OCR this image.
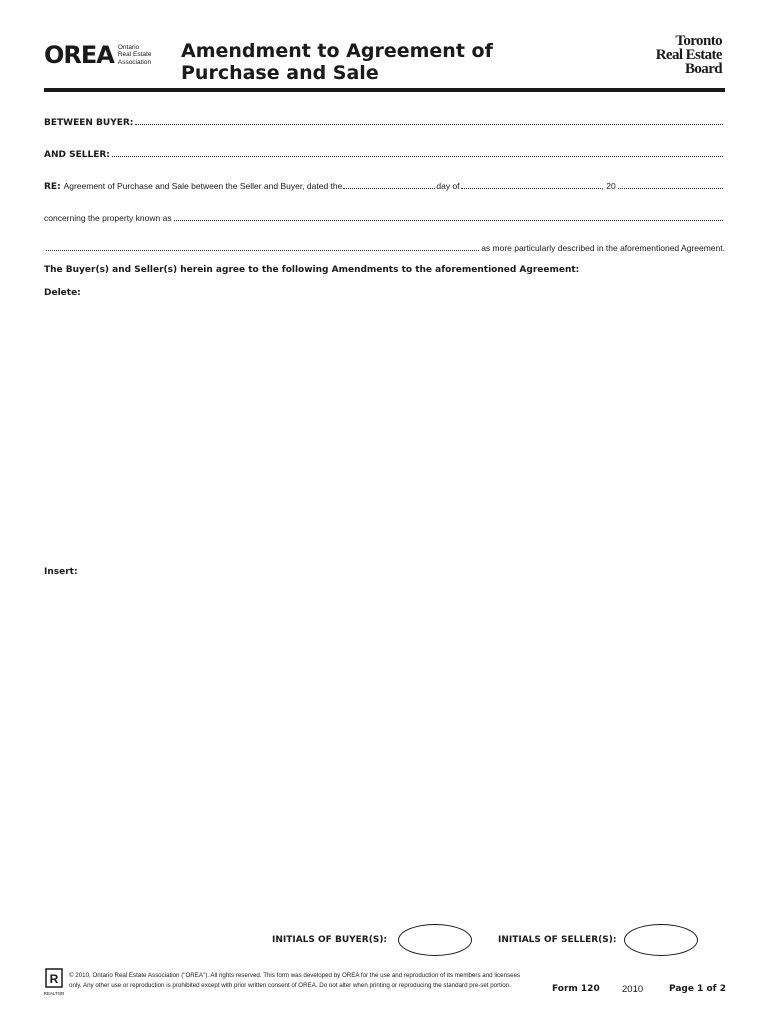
OREA Ontario
Real Estate
Association
Amendment to Agreement of
Purchase and Sale
Toronto
Real Estate
Board
BETWEEN BUYER:
AND SELLER:
RE:
Agreement of Purchase and Sale between the Seller and Buyer, dated the	day of	, 20
concerning the property known as
as more particularly described in the aforementioned Agreement.
The Buyer(s) and Seller(s) herein agree to the following Amendments to the aforementioned Agreement:
Delete:
Insert:
INITIALS OF BUYER(S):	INITIALS OF SELLER(S):
R
REALTOR
© 2010, Ontario Real Estate Association ("OREA"). All rights reserved. This form was developed by OREA for the use and reproduction of its members and licensees
only. Any other use or reproduction is prohibited except with prior written consent of OREA. Do not alter when printing or reproducing the standard pre-set portion.	Form 120 2010	Page 1 of 2
